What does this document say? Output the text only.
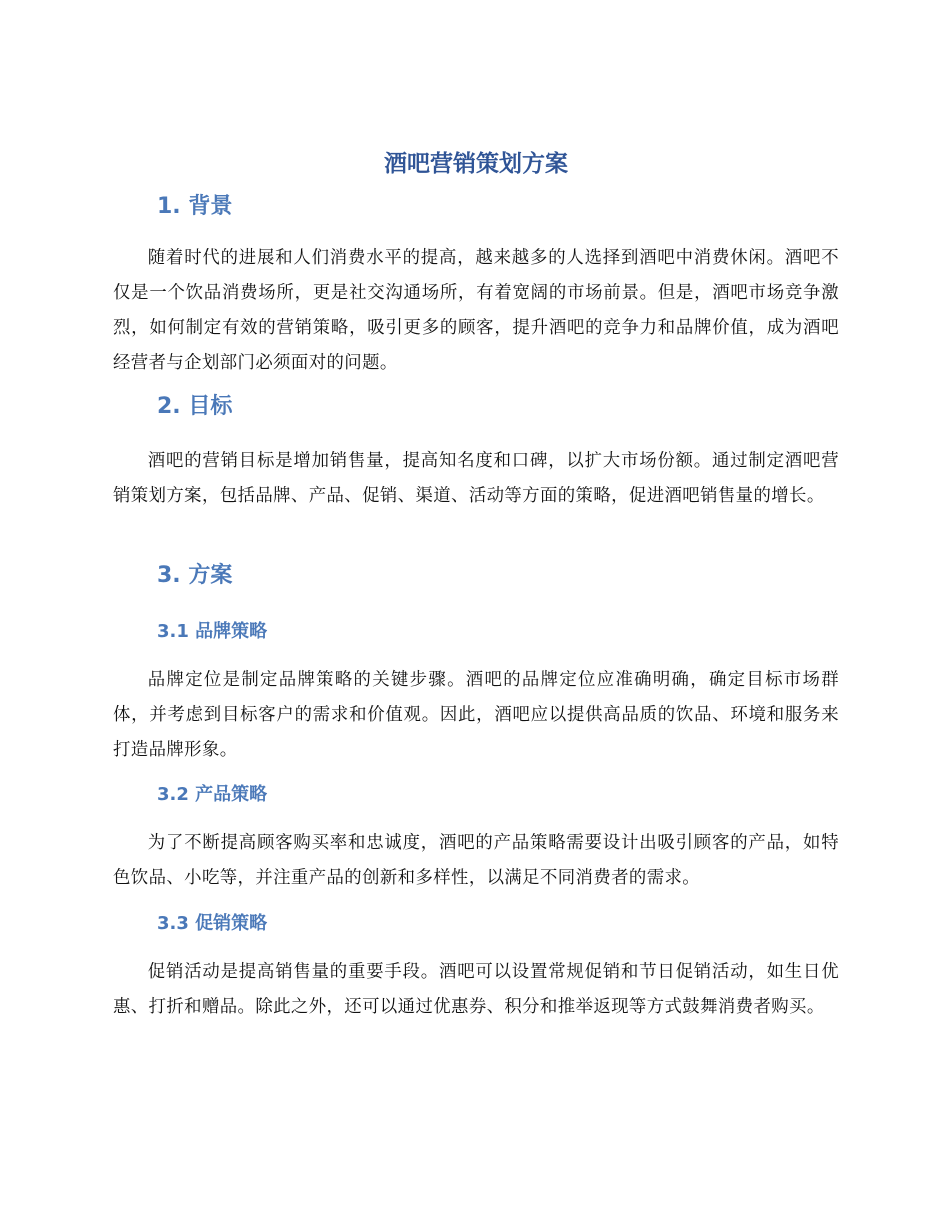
酒吧营销策划方案
1. 背景

随着时代的进展和人们消费水平的提高，越来越多的人选择到酒吧中消费休闲。酒吧不仅是一个饮品消费场所，更是社交沟通场所，有着宽阔的市场前景。但是，酒吧市场竞争激烈，如何制定有效的营销策略，吸引更多的顾客，提升酒吧的竞争力和品牌价值，成为酒吧经营者与企划部门必须面对的问题。

2. 目标

酒吧的营销目标是增加销售量，提高知名度和口碑，以扩大市场份额。通过制定酒吧营销策划方案，包括品牌、产品、促销、渠道、活动等方面的策略，促进酒吧销售量的增长。

3. 方案
3.1 品牌策略

品牌定位是制定品牌策略的关键步骤。酒吧的品牌定位应准确明确，确定目标市场群体，并考虑到目标客户的需求和价值观。因此，酒吧应以提供高品质的饮品、环境和服务来打造品牌形象。

3.2 产品策略

为了不断提高顾客购买率和忠诚度，酒吧的产品策略需要设计出吸引顾客的产品，如特色饮品、小吃等，并注重产品的创新和多样性，以满足不同消费者的需求。

3.3 促销策略

促销活动是提高销售量的重要手段。酒吧可以设置常规促销和节日促销活动，如生日优惠、打折和赠品。除此之外，还可以通过优惠券、积分和推举返现等方式鼓舞消费者购买。
